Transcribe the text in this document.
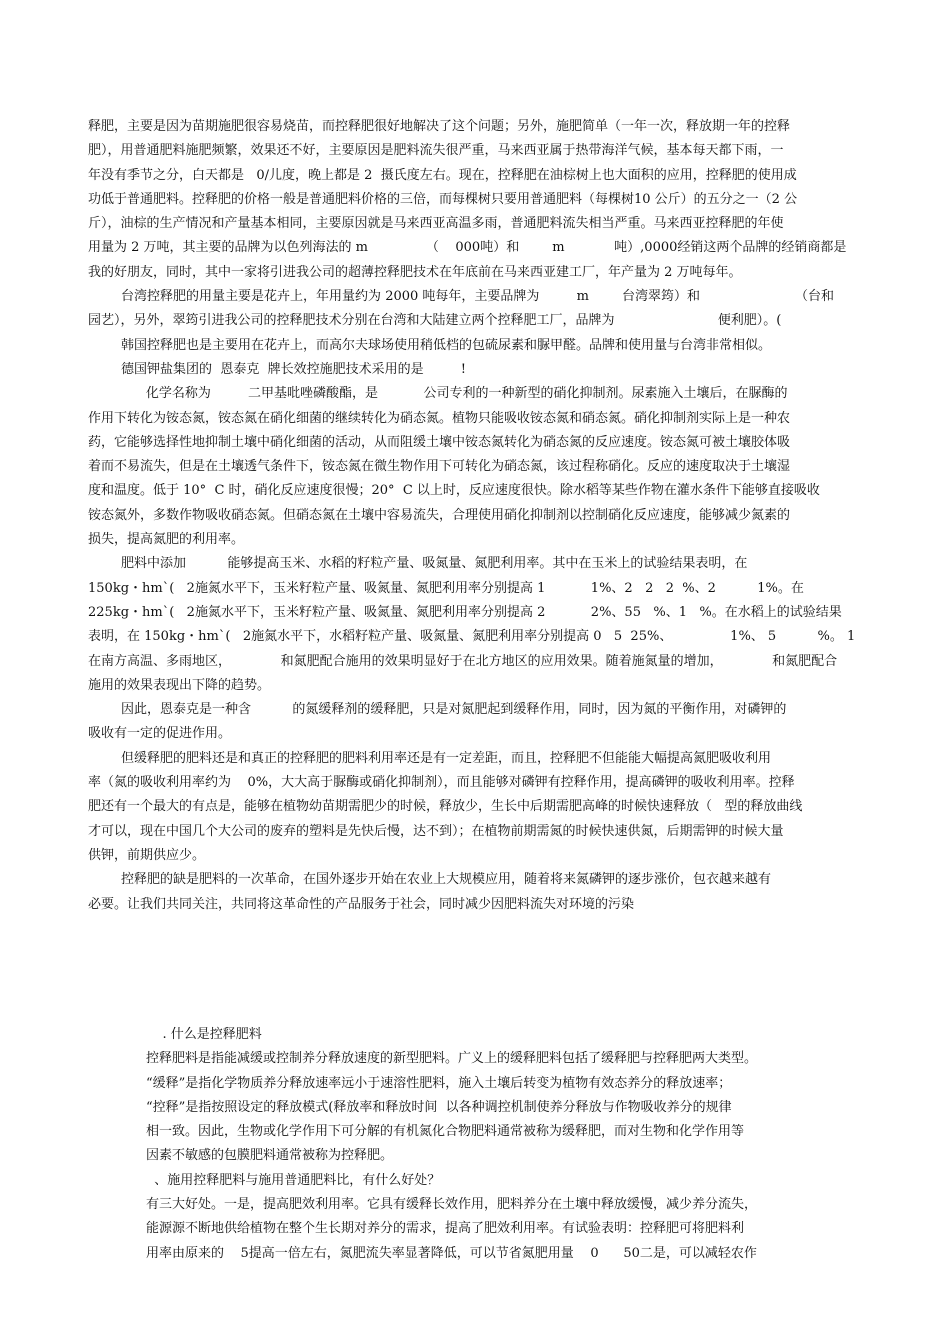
释肥，主要是因为苗期施肥很容易烧苗，而控释肥很好地解决了这个问题；另外，施肥简单（一年一次，释放期一年的控释
肥），用普通肥料施肥频繁，效果还不好，主要原因是肥料流失很严重，马来西亚属于热带海洋气候，基本每天都下雨，一
年没有季节之分，白天都是   0/儿度，晚上都是 2  摄氏度左右。现在，控释肥在油棕树上也大面积的应用，控释肥的使用成
功低于普通肥料。控释肥的价格一般是普通肥料价格的三倍，而每棵树只要用普通肥料（每棵树10 公斤）的五分之一（2 公
斤），油棕的生产情况和产量基本相同，主要原因就是马来西亚高温多雨，普通肥料流失相当严重。马来西亚控释肥的年使
用量为 2 万吨，其主要的品牌为以色列海法的 m              （    000吨）和        m            吨）,0000经销这两个品牌的经销商都是
我的好朋友，同时，其中一家将引进我公司的超薄控释肥技术在年底前在马来西亚建工厂，年产量为 2 万吨每年。
台湾控释肥的用量主要是花卉上，年用量约为 2000 吨每年，主要品牌为         m        台湾翠筠）和                       （台和
园艺），另外，翠筠引进我公司的控释肥技术分别在台湾和大陆建立两个控释肥工厂，品牌为                         便利肥）。(
韩国控释肥也是主要用在花卉上，而高尔夫球场使用稍低档的包硫尿素和脲甲醛。品牌和使用量与台湾非常相似。
德国钾盐集团的  恩泰克  牌长效控施肥技术采用的是         !
化学名称为         二甲基吡唑磷酸酯，是           公司专利的一种新型的硝化抑制剂。尿素施入土壤后，在脲酶的
作用下转化为铵态氮，铵态氮在硝化细菌的继续转化为硝态氮。植物只能吸收铵态氮和硝态氮。硝化抑制剂实际上是一种农
药，它能够选择性地抑制土壤中硝化细菌的活动，从而阻缓土壤中铵态氮转化为硝态氮的反应速度。铵态氮可被土壤胶体吸
着而不易流失，但是在土壤透气条件下，铵态氮在微生物作用下可转化为硝态氮，该过程称硝化。反应的速度取决于土壤湿
度和温度。低于 10°  C 时，硝化反应速度很慢；20°  C 以上时，反应速度很快。除水稻等某些作物在灌水条件下能够直接吸收
铵态氮外，多数作物吸收硝态氮。但硝态氮在土壤中容易流失，合理使用硝化抑制剂以控制硝化反应速度，能够减少氮素的
损失，提高氮肥的利用率。
肥料中添加          能够提高玉米、水稻的籽粒产量、吸氮量、氮肥利用率。其中在玉米上的试验结果表明，在
150kg・hm`(   2施氮水平下，玉米籽粒产量、吸氮量、氮肥利用率分别提高 1           1%、2   2   2  %、2          1%。在
225kg・hm`(   2施氮水平下，玉米籽粒产量、吸氮量、氮肥利用率分别提高 2           2%、55   %、1   %。在水稻上的试验结果
表明，在 150kg・hm`(   2施氮水平下，水稻籽粒产量、吸氮量、氮肥利用率分别提高 0   5  25%、              1%、 5          %。 1
在南方高温、多雨地区，            和氮肥配合施用的效果明显好于在北方地区的应用效果。随着施氮量的增加，            和氮肥配合
施用的效果表现出下降的趋势。
因此，恩泰克是一种含          的氮缓释剂的缓释肥，只是对氮肥起到缓释作用，同时，因为氮的平衡作用，对磷钾的
吸收有一定的促进作用。
但缓释肥的肥料还是和真正的控释肥的肥料利用率还是有一定差距，而且，控释肥不但能能大幅提高氮肥吸收利用
率（氮的吸收利用率约为    0%，大大高于脲酶或硝化抑制剂），而且能够对磷钾有控释作用，提高磷钾的吸收利用率。控释
肥还有一个最大的有点是，能够在植物幼苗期需肥少的时候，释放少，生长中后期需肥高峰的时候快速释放（   型的释放曲线
才可以，现在中国几个大公司的废弃的塑料是先快后慢，达不到）；在植物前期需氮的时候快速供氮，后期需钾的时候大量
供钾，前期供应少。
控释肥的缺是肥料的一次革命，在国外逐步开始在农业上大规模应用，随着将来氮磷钾的逐步涨价，包衣越来越有
必要。让我们共同关注，共同将这革命性的产品服务于社会，同时减少因肥料流失对环境的污染
. 什么是控释肥料
控释肥料是指能减缓或控制养分释放速度的新型肥料。广义上的缓释肥料包括了缓释肥与控释肥两大类型。
“缓释”是指化学物质养分释放速率远小于速溶性肥料，施入土壤后转变为植物有效态养分的释放速率；
“控释”是指按照设定的释放模式(释放率和释放时间  以各种调控机制使养分释放与作物吸收养分的规律
相一致。因此，生物或化学作用下可分解的有机氮化合物肥料通常被称为缓释肥，而对生物和化学作用等
因素不敏感的包膜肥料通常被称为控释肥。
、施用控释肥料与施用普通肥料比，有什么好处？
有三大好处。一是，提高肥效利用率。它具有缓释长效作用，肥料养分在土壤中释放缓慢，减少养分流失，
能源源不断地供给植物在整个生长期对养分的需求，提高了肥效利用率。有试验表明：控释肥可将肥料利
用率由原来的    5提高一倍左右，氮肥流失率显著降低，可以节省氮肥用量    0      50二是，可以减轻农作
